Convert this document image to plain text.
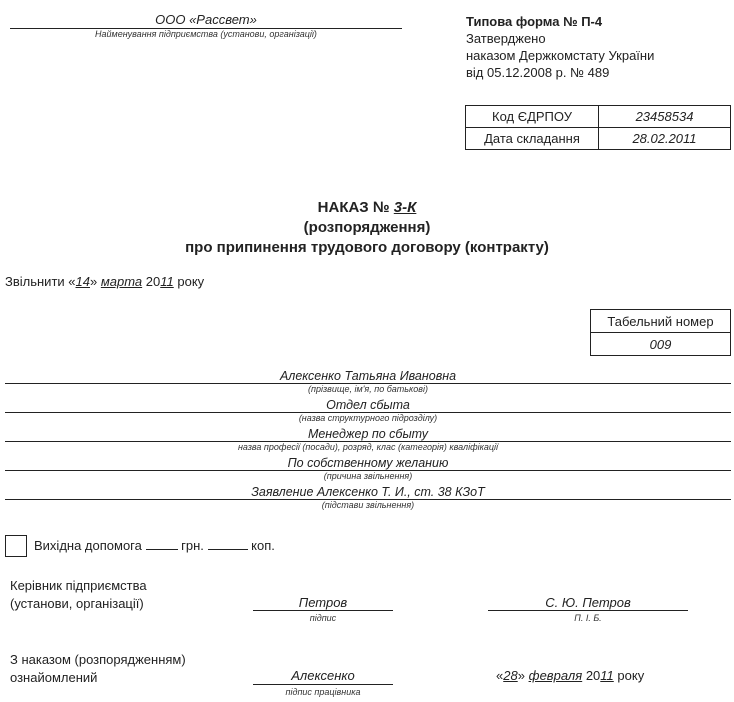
ООО «Рассвет»
Найменування підприємства (установи, організації)
Типова форма № П-4
Затверджено
наказом Держкомстату України
від 05.12.2008 р. № 489
Код ЄДРПОУ	23458534
Дата складання	28.02.2011
НАКАЗ № 3-К
(розпорядження)
про припинення трудового договору (контракту)
Звільнити «14» марта 2011 року
Табельний номер
009
Алексенко Татьяна Ивановна
(прізвище, ім'я, по батькові)
Отдел сбыта
(назва структурного підрозділу)
Менеджер по сбыту
назва професії (посади), розряд, клас (категорія) кваліфікації
По собственному желанию
(причина звільнення)
Заявление Алексенко Т. И., ст. 38 КЗоТ
(підстави звільнення)
Вихідна допомога	грн.	коп.
Керівник підприємства
(установи, організації)	Петров
підпис
С. Ю. Петров
П. І. Б.
З наказом (розпорядженням)
ознайомлений	Алексенко
підпис працівника
«28» февраля 2011 року
